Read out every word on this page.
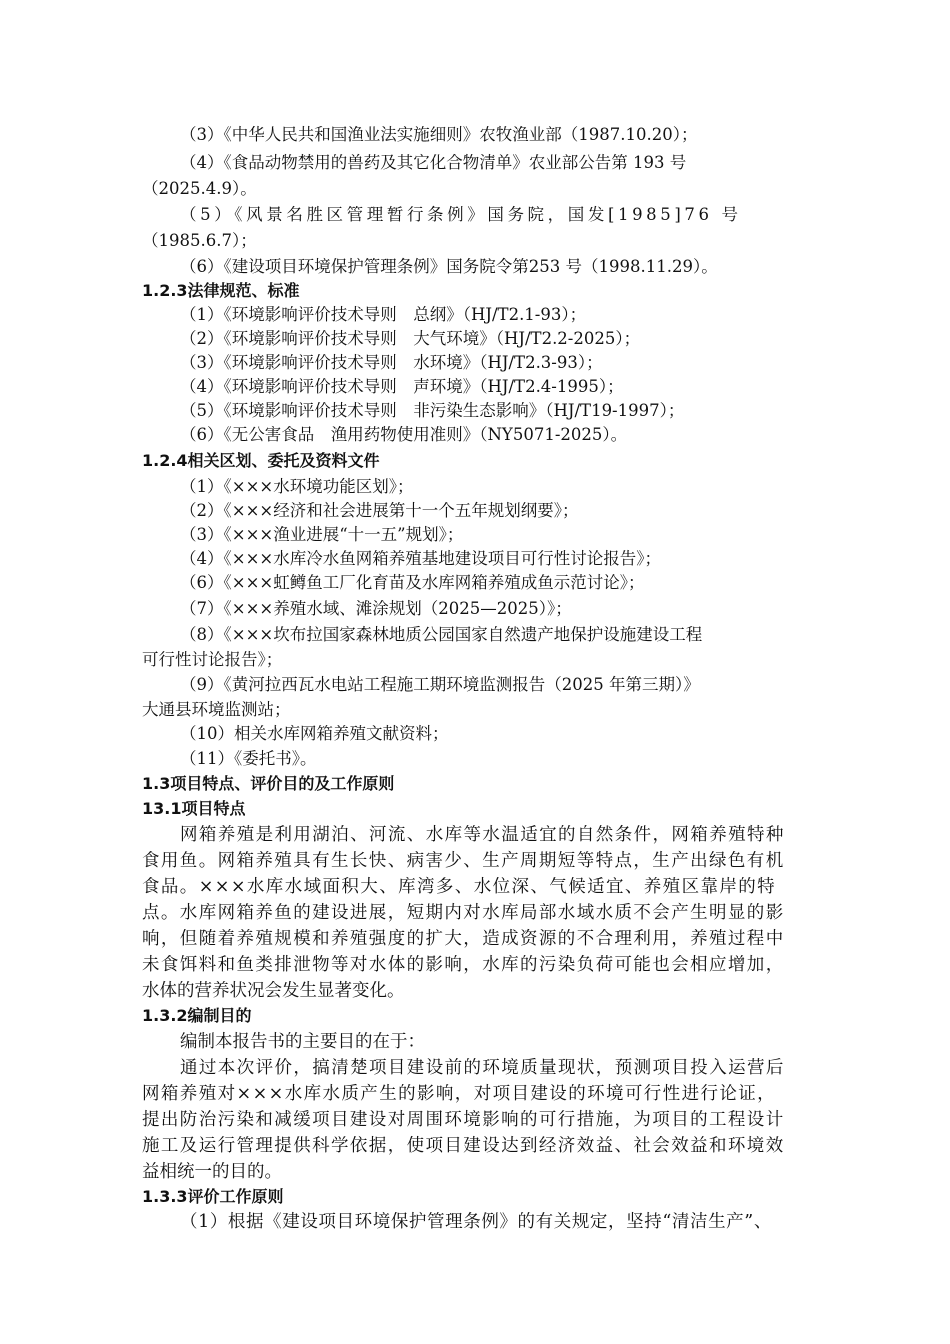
（3）《中华人民共和国渔业法实施细则》农牧渔业部（1987.10.20）；
（4）《食品动物禁用的兽药及其它化合物清单》农业部公告第 193 号
（2025.4.9）。
（5）《风景名胜区管理暂行条例》国务院，国发[1985]76 号
（1985.6.7）；
（6）《建设项目环境保护管理条例》国务院令第253 号（1998.11.29）。
1.2.3法律规范、标准
（1）《环境影响评价技术导则　总纲》（HJ/T2.1-93）；
（2）《环境影响评价技术导则　大气环境》（HJ/T2.2-2025）；
（3）《环境影响评价技术导则　水环境》（HJ/T2.3-93）；
（4）《环境影响评价技术导则　声环境》（HJ/T2.4-1995）；
（5）《环境影响评价技术导则　非污染生态影响》（HJ/T19-1997）；
（6）《无公害食品　渔用药物使用准则》（NY5071-2025）。
1.2.4相关区划、委托及资料文件
（1）《×××水环境功能区划》；
（2）《×××经济和社会进展第十一个五年规划纲要》；
（3）《×××渔业进展“十一五”规划》；
（4）《×××水库冷水鱼网箱养殖基地建设项目可行性讨论报告》；
（6）《×××虹鳟鱼工厂化育苗及水库网箱养殖成鱼示范讨论》；
（7）《×××养殖水域、滩涂规划（2025—2025）》；
（8）《×××坎布拉国家森林地质公园国家自然遗产地保护设施建设工程
可行性讨论报告》；
（9）《黄河拉西瓦水电站工程施工期环境监测报告（2025 年第三期）》
大通县环境监测站；
（10）相关水库网箱养殖文献资料；
（11）《委托书》。
1.3项目特点、评价目的及工作原则
13.1项目特点
网箱养殖是利用湖泊、河流、水库等水温适宜的自然条件，网箱养殖特种
食用鱼。网箱养殖具有生长快、病害少、生产周期短等特点，生产出绿色有机
食品。×××水库水域面积大、库湾多、水位深、气候适宜、养殖区靠岸的特
点。水库网箱养鱼的建设进展，短期内对水库局部水域水质不会产生明显的影
响，但随着养殖规模和养殖强度的扩大，造成资源的不合理利用，养殖过程中
未食饵料和鱼类排泄物等对水体的影响，水库的污染负荷可能也会相应增加，
水体的营养状况会发生显著变化。
1.3.2编制目的
编制本报告书的主要目的在于：
通过本次评价，搞清楚项目建设前的环境质量现状，预测项目投入运营后
网箱养殖对×××水库水质产生的影响，对项目建设的环境可行性进行论证，
提出防治污染和减缓项目建设对周围环境影响的可行措施，为项目的工程设计
施工及运行管理提供科学依据，使项目建设达到经济效益、社会效益和环境效
益相统一的目的。
1.3.3评价工作原则
（1）根据《建设项目环境保护管理条例》的有关规定，坚持“清洁生产”、
